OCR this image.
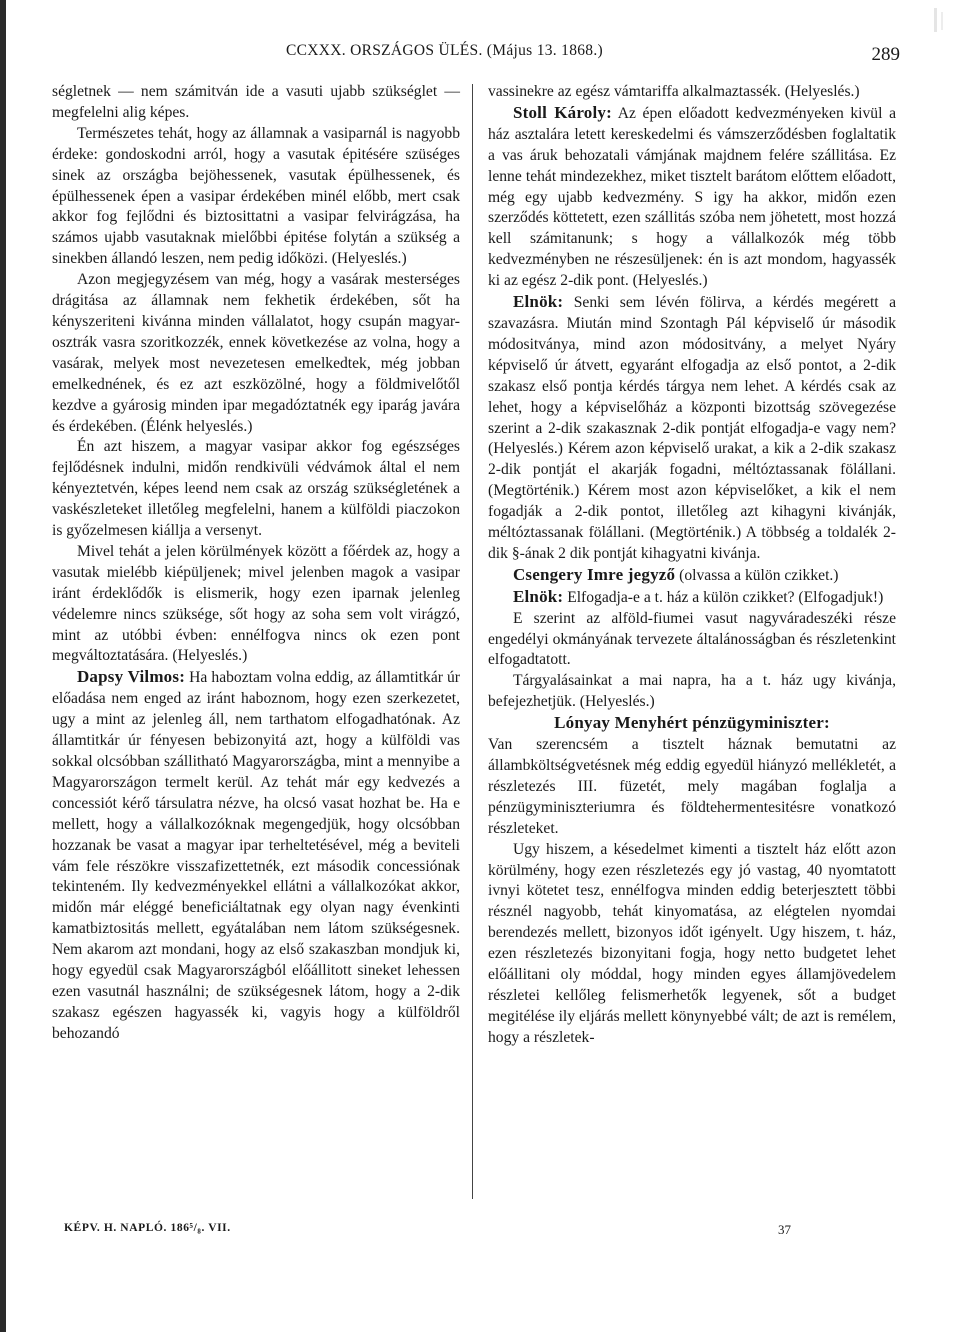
CCXXX. ORSZÁGOS ÜLÉS. (Május 13. 1868.)	289

ségletnek — nem számitván ide a vasuti ujabb szükséglet — megfelelni alig képes.

Természetes tehát, hogy az államnak a vasiparnál is nagyobb érdeke: gondoskodni arról, hogy a vasutak épitésére szüséges sinek az országba bejöhessenek, vasutak épülhessenek, és épülhessenek épen a vasipar érdekében minél előbb, mert csak akkor fog fejlődni és biztosittatni a vasipar felvirágzása, ha számos ujabb vasutaknak mielőbbi épitése folytán a szükség a sinekben állandó leszen, nem pedig időközi. (Helyeslés.)

Azon megjegyzésem van még, hogy a vasárak mesterséges drágitása az államnak nem fekhetik érdekében, sőt ha kényszeriteni kivánna minden vállalatot, hogy csupán magyar-osztrák vasra szoritkozzék, ennek következése az volna, hogy a vasárak, melyek most nevezetesen emelkedtek, még jobban emelkednének, és ez azt eszközölné, hogy a földmivelőtől kezdve a gyárosig minden ipar megadóztatnék egy iparág javára és érdekében. (Élénk helyeslés.)

Én azt hiszem, a magyar vasipar akkor fog egészséges fejlődésnek indulni, midőn rendkivüli védvámok által el nem kényeztetvén, képes leend nem csak az ország szükségletének a vaskészleteket illetőleg megfelelni, hanem a külföldi piaczokon is győzelmesen kiállja a versenyt.

Mivel tehát a jelen körülmények között a főérdek az, hogy a vasutak mielébb kiépüljenek; mivel jelenben magok a vasipar iránt érdeklődők is elismerik, hogy ezen iparnak jelenleg védelemre nincs szüksége, sőt hogy az soha sem volt virágzó, mint az utóbbi évben: ennélfogva nincs ok ezen pont megváltoztatására. (Helyeslés.)

Dapsy Vilmos: Ha haboztam volna eddig, az államtitkár úr előadása nem enged az iránt haboznom, hogy ezen szerkezetet, ugy a mint az jelenleg áll, nem tarthatom elfogadhatónak. Az államtitkár úr fényesen bebizonyitá azt, hogy a külföldi vas sokkal olcsóbban szállitható Magyarországba, mint a mennyibe a Magyarországon termelt kerül. Az tehát már egy kedvezés a concessiót kérő társulatra nézve, ha olcsó vasat hozhat be. Ha e mellett, hogy a vállalkozóknak megengedjük, hogy olcsóbban hozzanak be vasat a magyar ipar terheltetésével, még a beviteli vám fele részökre visszafizettetnék, ezt második concessiónak tekinteném. Ily kedvezményekkel ellátni a vállalkozókat akkor, midőn már eléggé beneficiáltatnak egy olyan nagy évenkinti kamatbiztositás mellett, egyátalában nem látom szükségesnek. Nem akarom azt mondani, hogy az első szakaszban mondjuk ki, hogy egyedül csak Magyarországból előállitott sineket lehessen ezen vasutnál használni; de szükségesnek látom, hogy a 2-dik szakasz egészen hagyassék ki, vagyis hogy a külföldről behozandó

vassinekre az egész vámtariffa alkalmaztassék. (Helyeslés.)

Stoll Károly: Az épen előadott kedvezményeken kivül a ház asztalára letett kereskedelmi és vámszerződésben foglaltatik a vas áruk behozatali vámjának majdnem felére szállitása. Ez lenne tehát mindezekhez, miket tisztelt barátom előttem előadott, még egy ujabb kedvezmény. S igy ha akkor, midőn ezen szerződés köttetett, ezen szállitás szóba nem jöhetett, most hozzá kell számitanunk; s hogy a vállalkozók még több kedvezményben ne részesüljenek: én is azt mondom, hagyassék ki az egész 2-dik pont. (Helyeslés.)

Elnök: Senki sem lévén fölirva, a kérdés megérett a szavazásra. Miután mind Szontagh Pál képviselő úr második módositványa, mind azon módositvány, a melyet Nyáry képviselő úr átvett, egyaránt elfogadja az első pontot, a 2-dik szakasz első pontja kérdés tárgya nem lehet. A kérdés csak az lehet, hogy a képviselőház a központi bizottság szövegezése szerint a 2-dik szakasznak 2-dik pontját elfogadja-e vagy nem? (Helyeslés.) Kérem azon képviselő urakat, a kik a 2-dik szakasz 2-dik pontját el akarják fogadni, méltóztassanak fölállani. (Megtörténik.) Kérem most azon képviselőket, a kik el nem fogadják a 2-dik pontot, illetőleg azt kihagyni kivánják, méltóztassanak fölállani. (Megtörténik.) A többség a toldalék 2-dik §-ának 2 dik pontját kihagyatni kivánja.

Csengery Imre jegyző (olvassa a külön czikket.)

Elnök: Elfogadja-e a t. ház a külön czikket? (Elfogadjuk!)

E szerint az alföld-fiumei vasut nagyváradeszéki része engedélyi okmányának tervezete általánosságban és részletenkint elfogadtatott.

Tárgyalásainkat a mai napra, ha a t. ház ugy kivánja, befejezhetjük. (Helyeslés.)

Lónyay Menyhért pénzügyminiszter:

Van szerencsém a tisztelt háznak bemutatni az állambköltségvetésnek még eddig egyedül hiányzó mellékletét, a részletezés III. füzetét, mely magában foglalja a pénzügyminiszteriumra és földtehermentesitésre vonatkozó részleteket.

Ugy hiszem, a késedelmet kimenti a tisztelt ház előtt azon körülmény, hogy ezen részletezés egy jó vastag, 40 nyomtatott ivnyi kötetet tesz, ennélfogva minden eddig beterjesztett többi résznél nagyobb, tehát kinyomatása, az elégtelen nyomdai berendezés mellett, bizonyos időt igényelt. Ugy hiszem, t. ház, ezen részletezés bizonyitani fogja, hogy netto budgetet lehet előállitani oly móddal, hogy minden egyes államjövedelem részletei kellőleg felismerhetők legyenek, sőt a budget megitélése ily eljárás mellett könynyebbé vált; de azt is remélem, hogy a részletek-

KÉPV. H. NAPLÓ. 186⁵/₈. VII.	37
